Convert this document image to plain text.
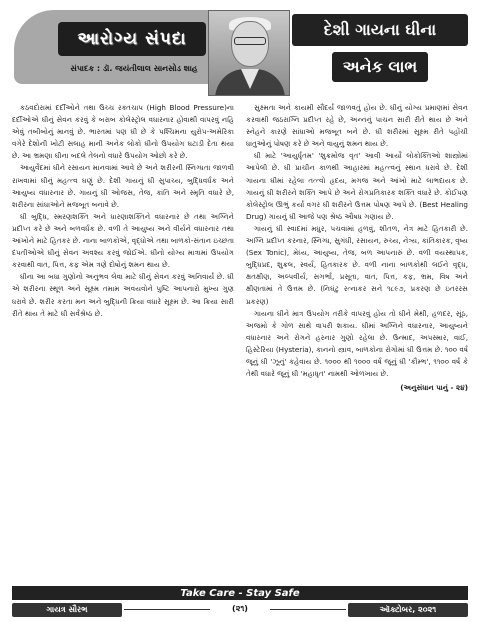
આરોગ્ય સંપદા
સંપાદક : ડૉ. જયંતીલાલ સાનસોડ શાહ
દેશી ગાયના ઘીના
અનેક લાભ

કઠવદોરામાં દર્દીઓને તથા ઉચ્ચ રક્તચાપ (High Blood Pressure)ના દર્દીઓએ ઘીનું સેવન કરવું કે બરાબ કોલેસ્ટ્રોલ વધારનાર હોવાથી વાપરવું નહિ એવું તબીબોનું માનવું છે. ભારતમાં પણ ઘી છે કે પશ્ચિમના યુરોપ-અમેરિકા વગેરે દેશોની ખોટી સલાહ માની અનેક લોકો ઘીનો ઉપયોગ ઘટાડી દેતા થયા છે. આ ભ્રમણા ઘીના બદલે તેલનો વધારે ઉપયોગ ઓછો કરે છે.

આયુર્વેદમાં ઘીને રસાયન માનવામાં આવે છે અને શરીરની સ્નિગ્ધતા જાળવી રાખવામાં ઘીનું મહત્ત્વ ઘણું છે. દેશી ગાયનું ઘી સુપાચ્ય, બુદ્ધિવર્ધક અને આયુષ્ય વધારનાર છે. ગાયનું ઘી ઓજસ, તેજ, કાંતિ અને સ્મૃતિ વધારે છે, શરીરના સાંધાઓને મજબૂત બનાવે છે.

ઘી બુદ્ધિ, સ્મરણશક્તિ અને ધારણાશક્તિને વધારનાર છે તથા અગ્નિને પ્રદીપ્ત કરે છે અને બળવર્ધક છે. વળી તે આયુષ્ય અને વીર્યને વધારનાર તથા આંખોને માટે હિતકર છે. નાના બાળકોએ, વૃદ્ધોએ તથા બાળકો-સંતાન ઇચ્છતા દંપતીઓએ ઘીનું સેવન અવશ્ય કરવું જોઈએ. ઘીનો યોગ્ય માત્રામાં ઉપયોગ કરવાથી વાત, પિત્ત, કફ એમ ત્રણે દોષોનું શમન થાય છે.

ઘીના આ બધા ગુણોનો અનુભવ લેવા માટે ઘીનું સેવન કરવું અનિવાર્ય છે. ઘી એ શરીરના સ્થૂળ અને સૂક્ષ્મ તમામ અવયવોને પુષ્ટિ આપનારો મુખ્ય ગુણ ધરાવે છે. શરીર કરતા મન અને બુદ્ધિની ક્રિયા વધારે સૂક્ષ્મ છે. આ ક્રિયા સારી રીતે થાય તે માટે ઘી સર્વશ્રેષ્ઠ છે.

સુક્ષ્મતા અને કાયમી સૌંદર્ય જાળવતું હોય છે. ઘીનું યોગ્ય પ્રમાણમાં સેવન કરવાથી જઠરાગ્નિ પ્રદીપ્ત રહે છે, અન્નનું પાચન સારી રીતે થાય છે અને સ્નેહને કારણે સાંધાઓ મજબૂત બને છે. ઘી શરીરમાં સૂક્ષ્મ રીતે પહોંચી ધાતુઓનું પોષણ કરે છે અને વાયુનું શમન થાય છે.

ઘી માટે 'આયુર્ધૃતમ' 'શુક્રમોજ વૃત' આવી આર્યો લોકોક્તિઓ શાસ્ત્રોમાં આપેલી છે. ઘી પ્રાચીન કાળથી આહારમાં મહત્ત્વનું સ્થાન ધરાવે છે. દેશી ગાયના ઘીમાં રહેલા તત્ત્વો હૃદય, મગજ અને આંખો માટે લાભદાયક છે. ગાયનું ઘી શરીરને શક્તિ આપે છે અને રોગપ્રતિકારક શક્તિ વધારે છે. કોઈપણ કોલેસ્ટ્રોલ ઊભું કર્યા વગર ઘી શરીરને ઉત્તમ પોષણ આપે છે. (Best Healing Drug) ગાયનું ઘી આજે પણ શ્રેષ્ઠ ઔષધ ગણાય છે.

ગાયનું ઘી સ્વાદમાં મધુર, પચવામાં હળવું, શીતળ, નેત્ર માટે હિતકારી છે. અગ્નિ પ્રદીપ્ત કરનાર, સ્નિગ્ધ, સુગંધી, રસાયન, રુચ્ય, નેત્ર્ય, કાંતિકારક, વૃષ્ય (Sex Tonic), મેધ્ય, આયુષ્ય, તેજ, બળ આપનારું છે. વળી વયસ્થાપક, બુદ્ધિપ્રદ, શુક્રલ, સ્વર્ય, હિતકારક છે. વળી નાના બાળકોથી લઈને વૃદ્ધ, ક્ષતક્ષીણ, અલ્પવીર્ય, સગર્ભા, પ્રસૂતા, વાત, પિત્ત, કફ, ભ્રમ, વિષ અને ક્ષીણતામાં તે ઉત્તમ છે. (નિઘંટુ રત્નાકર સને ૧૮૯૭, પ્રકરણ છે ઇતરરસ પ્રકરણ)

ગાયના ઘીને માત્ર ઉપયોગ તરીકે વાપરવું હોય તો ઘીને મેથી, હળદર, સૂંઠ, અજમો કે ગોળ સાથે વાપરી શકાય. ઘીમાં અગ્નિને વધારનાર, આયુષ્યને વધારનાર અને રોગને હરનાર ગુણો રહેલા છે. ઉન્માદ, અપસ્માર, વાઈ, હિસ્ટેરિયા (Hysteria), કાનનો સ્ત્રાવ, બાળકોના રોગોમાં ઘી ઉત્તમ છે. ૧૦૦ વર્ષ જૂનું ઘી 'ઝૂનું' કહેવાય છે. ૧૦૦૦ થી ૧૦૦૦ વર્ષ જૂનું ઘી 'કૌમ્ભ', ૧૧૦૦ વર્ષ કે તેથી વધારે જૂનું ઘી 'મહાધૃત' નામથી ઓળખાય છે.

(અનુસંધાન પાનું - ૨૪)
Take Care - Stay Safe
ગાયત્ર સૌરભ	(૨૧)	ઑક્ટોબર, ૨૦૨૧
